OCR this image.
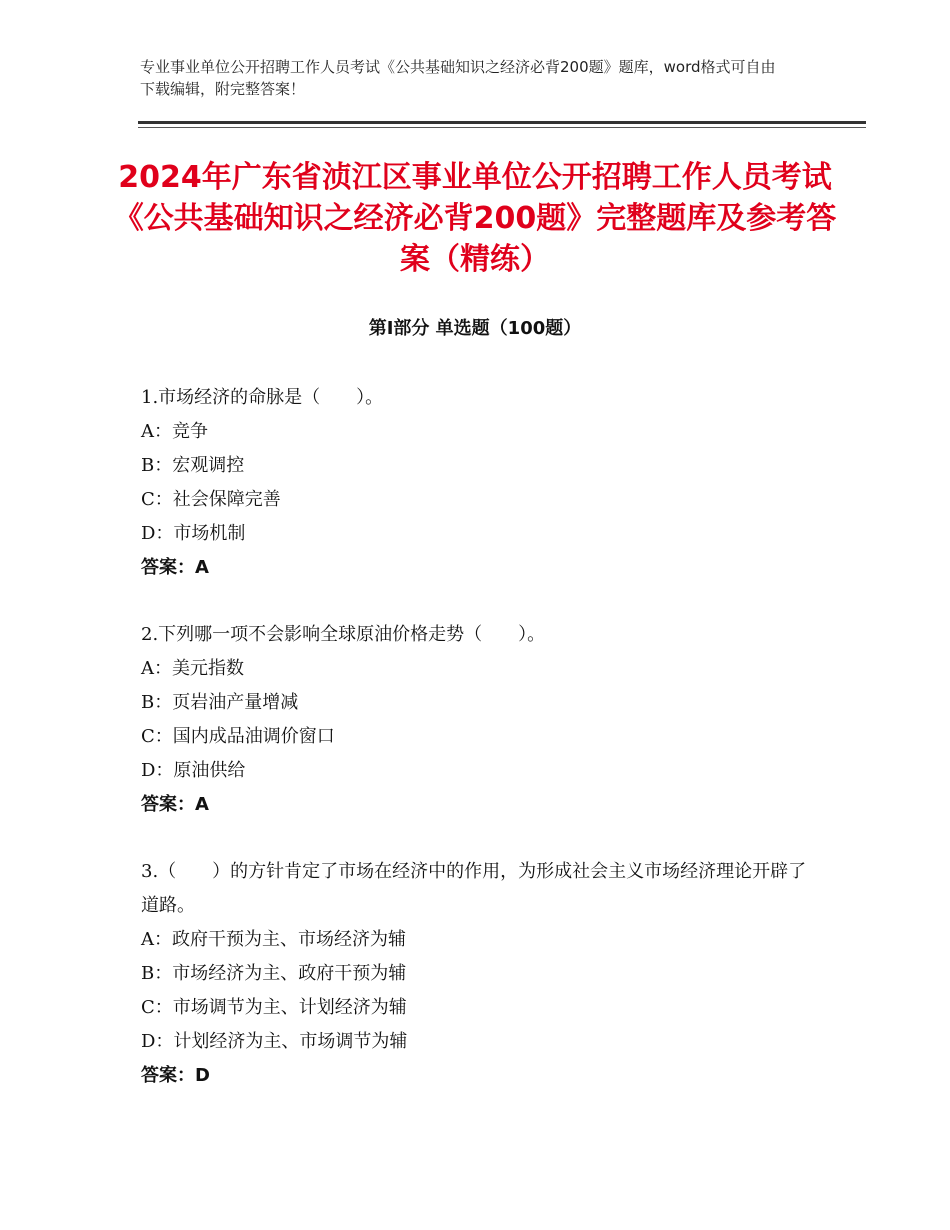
专业事业单位公开招聘工作人员考试《公共基础知识之经济必背200题》题库，word格式可自由下载编辑，附完整答案！
2024年广东省浈江区事业单位公开招聘工作人员考试《公共基础知识之经济必背200题》完整题库及参考答案（精练）
第Ⅰ部分 单选题（100题）
1.市场经济的命脉是（　　）。
A：竞争
B：宏观调控
C：社会保障完善
D：市场机制
答案：A
2.下列哪一项不会影响全球原油价格走势（　　）。
A：美元指数
B：页岩油产量增减
C：国内成品油调价窗口
D：原油供给
答案：A
3.（　　）的方针肯定了市场在经济中的作用，为形成社会主义市场经济理论开辟了道路。
A：政府干预为主、市场经济为辅
B：市场经济为主、政府干预为辅
C：市场调节为主、计划经济为辅
D：计划经济为主、市场调节为辅
答案：D
